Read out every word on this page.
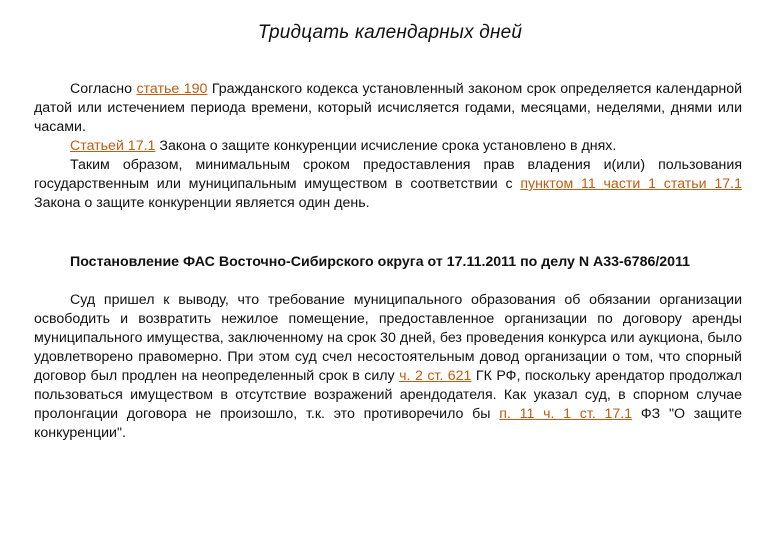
Тридцать календарных дней
Согласно статье 190 Гражданского кодекса установленный законом срок определяется календарной датой или истечением периода времени, который исчисляется годами, месяцами, неделями, днями или часами.
Статьей 17.1 Закона о защите конкуренции исчисление срока установлено в днях.
Таким образом, минимальным сроком предоставления прав владения и(или) пользования государственным или муниципальным имуществом в соответствии с пунктом 11 части 1 статьи 17.1 Закона о защите конкуренции является один день.
Постановление ФАС Восточно-Сибирского округа от 17.11.2011 по делу N А33-6786/2011
Суд пришел к выводу, что требование муниципального образования об обязании организации освободить и возвратить нежилое помещение, предоставленное организации по договору аренды муниципального имущества, заключенному на срок 30 дней, без проведения конкурса или аукциона, было удовлетворено правомерно. При этом суд счел несостоятельным довод организации о том, что спорный договор был продлен на неопределенный срок в силу ч. 2 ст. 621 ГК РФ, поскольку арендатор продолжал пользоваться имуществом в отсутствие возражений арендодателя. Как указал суд, в спорном случае пролонгации договора не произошло, т.к. это противоречило бы п. 11 ч. 1 ст. 17.1 ФЗ "О защите конкуренции".
